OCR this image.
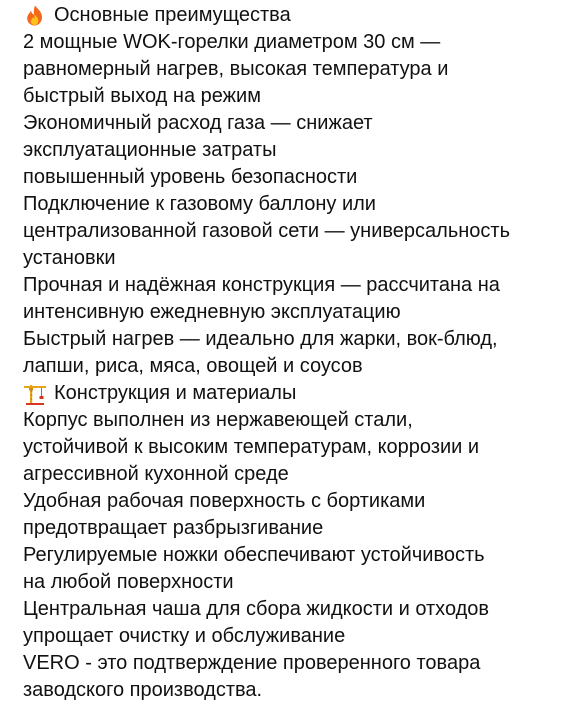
Основные преимущества
2 мощные WOK-горелки диаметром 30 см —
равномерный нагрев, высокая температура и
быстрый выход на режим
Экономичный расход газа — снижает
эксплуатационные затраты
повышенный уровень безопасности
Подключение к газовому баллону или
централизованной газовой сети — универсальность
установки
Прочная и надёжная конструкция — рассчитана на
интенсивную ежедневную эксплуатацию
Быстрый нагрев — идеально для жарки, вок-блюд,
лапши, риса, мяса, овощей и соусов
Конструкция и материалы
Корпус выполнен из нержавеющей стали,
устойчивой к высоким температурам, коррозии и
агрессивной кухонной среде
Удобная рабочая поверхность с бортиками
предотвращает разбрызгивание
Регулируемые ножки обеспечивают устойчивость
на любой поверхности
Центральная чаша для сбора жидкости и отходов
упрощает очистку и обслуживание
VERO - это подтверждение проверенного товара
заводского производства.
